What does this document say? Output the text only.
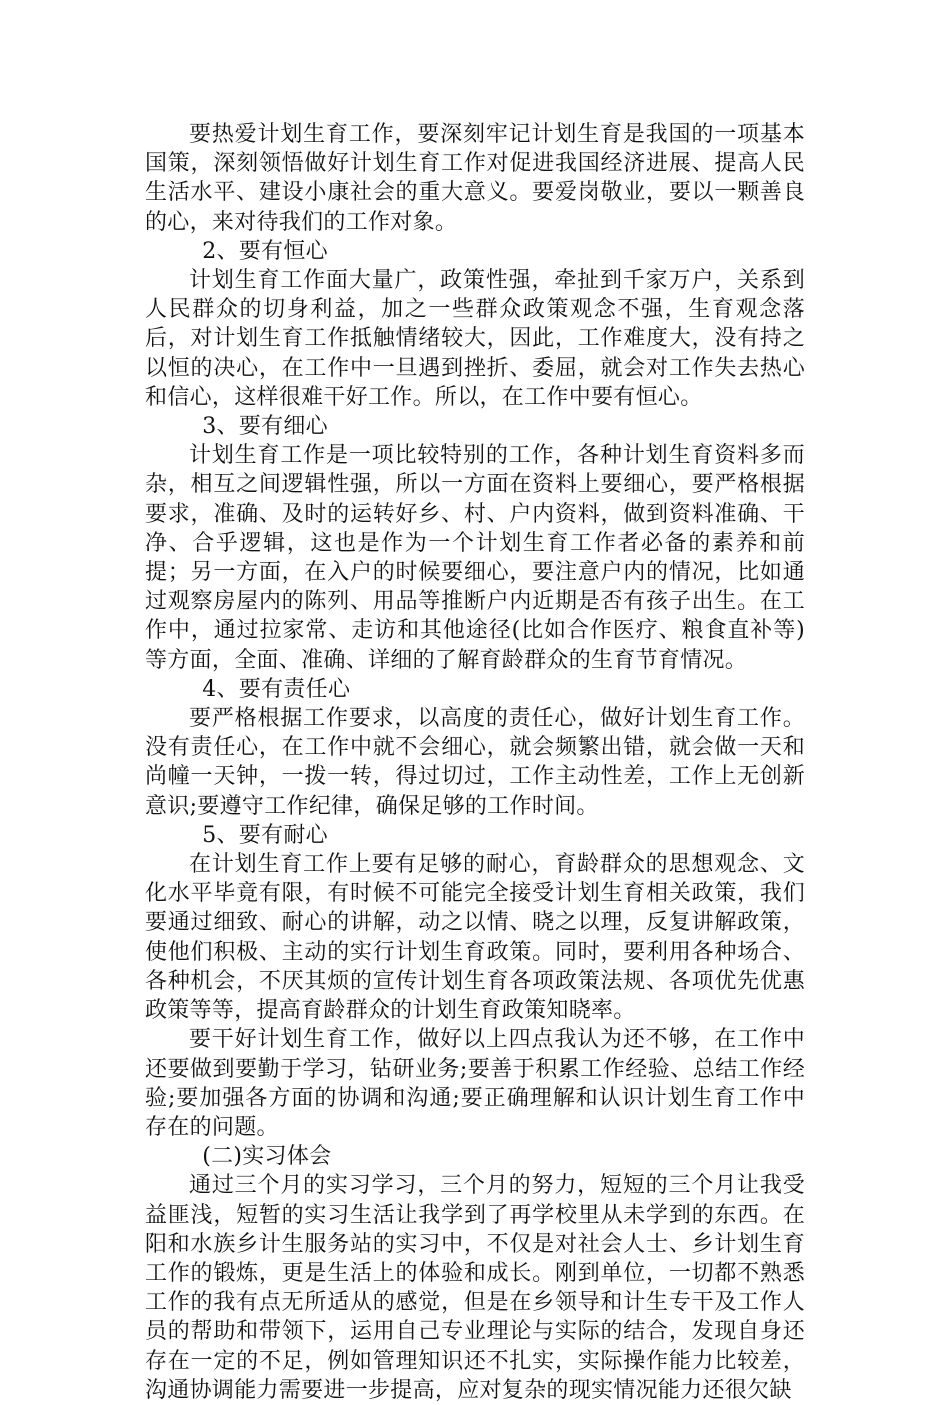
要热爱计划生育工作，要深刻牢记计划生育是我国的一项基本国策，深刻领悟做好计划生育工作对促进我国经济进展、提高人民生活水平、建设小康社会的重大意义。要爱岗敬业，要以一颗善良的心，来对待我们的工作对象。

2、要有恒心

计划生育工作面大量广，政策性强，牵扯到千家万户，关系到人民群众的切身利益，加之一些群众政策观念不强，生育观念落后，对计划生育工作抵触情绪较大，因此，工作难度大，没有持之以恒的决心，在工作中一旦遇到挫折、委屈，就会对工作失去热心和信心，这样很难干好工作。所以，在工作中要有恒心。

3、要有细心

计划生育工作是一项比较特别的工作，各种计划生育资料多而杂，相互之间逻辑性强，所以一方面在资料上要细心，要严格根据要求，准确、及时的运转好乡、村、户内资料，做到资料准确、干净、合乎逻辑，这也是作为一个计划生育工作者必备的素养和前提；另一方面，在入户的时候要细心，要注意户内的情况，比如通过观察房屋内的陈列、用品等推断户内近期是否有孩子出生。在工作中，通过拉家常、走访和其他途径(比如合作医疗、粮食直补等)等方面，全面、准确、详细的了解育龄群众的生育节育情况。

4、要有责任心

要严格根据工作要求，以高度的责任心，做好计划生育工作。没有责任心，在工作中就不会细心，就会频繁出错，就会做一天和尚幢一天钟，一拨一转，得过切过，工作主动性差，工作上无创新意识;要遵守工作纪律，确保足够的工作时间。

5、要有耐心

在计划生育工作上要有足够的耐心，育龄群众的思想观念、文化水平毕竟有限，有时候不可能完全接受计划生育相关政策，我们要通过细致、耐心的讲解，动之以情、晓之以理，反复讲解政策，使他们积极、主动的实行计划生育政策。同时，要利用各种场合、各种机会，不厌其烦的宣传计划生育各项政策法规、各项优先优惠政策等等，提高育龄群众的计划生育政策知晓率。

要干好计划生育工作，做好以上四点我认为还不够，在工作中还要做到要勤于学习，钻研业务;要善于积累工作经验、总结工作经验;要加强各方面的协调和沟通;要正确理解和认识计划生育工作中存在的问题。

(二)实习体会

通过三个月的实习学习，三个月的努力，短短的三个月让我受益匪浅，短暂的实习生活让我学到了再学校里从未学到的东西。在阳和水族乡计生服务站的实习中，不仅是对社会人士、乡计划生育工作的锻炼，更是生活上的体验和成长。刚到单位，一切都不熟悉工作的我有点无所适从的感觉，但是在乡领导和计生专干及工作人员的帮助和带领下，运用自己专业理论与实际的结合，发现自身还存在一定的不足，例如管理知识还不扎实，实际操作能力比较差，沟通协调能力需要进一步提高，应对复杂的现实情况能力还很欠缺
